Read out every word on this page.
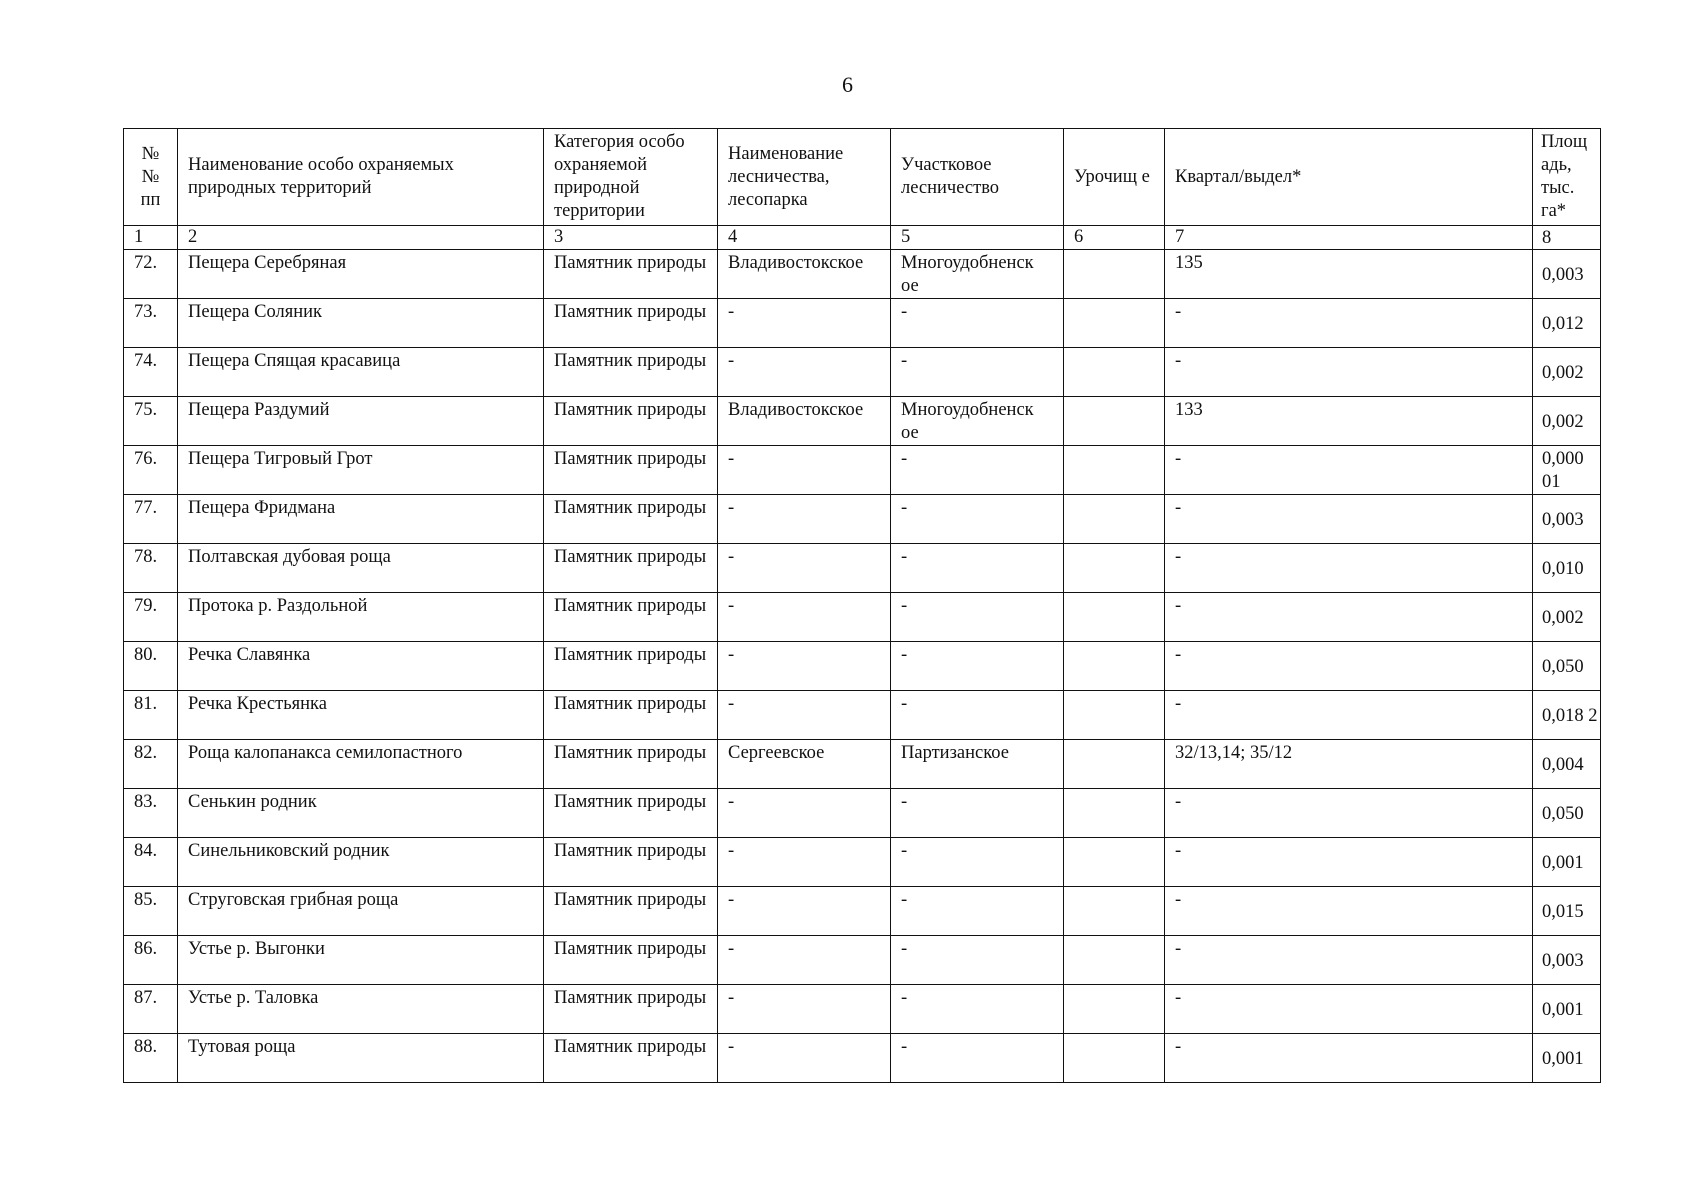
6
№
№
пп	Наименование особо охраняемых природных территорий	Категория особо охраняемой природной территории	Наименование лесничества, лесопарка	Участковое лесничество	Урочищ е	Квартал/выдел*	Площ адь, тыс. га*
1	2	3	4	5	6	7	8
72.	Пещера Серебряная	Памятник природы	Владивостокское	Многоудобненск ое		135	0,003
73.	Пещера Соляник	Памятник природы	-	-		-	0,012
74.	Пещера Спящая красавица	Памятник природы	-	-		-	0,002
75.	Пещера Раздумий	Памятник природы	Владивостокское	Многоудобненск ое		133	0,002
76.	Пещера Тигровый Грот	Памятник природы	-	-		-	0,000 01
77.	Пещера Фридмана	Памятник природы	-	-		-	0,003
78.	Полтавская дубовая роща	Памятник природы	-	-		-	0,010
79.	Протока р. Раздольной	Памятник природы	-	-		-	0,002
80.	Речка Славянка	Памятник природы	-	-		-	0,050
81.	Речка Крестьянка	Памятник природы	-	-		-	0,018 2
82.	Роща калопанакса семилопастного	Памятник природы	Сергеевское	Партизанское		32/13,14; 35/12	0,004
83.	Сенькин родник	Памятник природы	-	-		-	0,050
84.	Синельниковский родник	Памятник природы	-	-		-	0,001
85.	Струговская грибная роща	Памятник природы	-	-		-	0,015
86.	Устье р. Выгонки	Памятник природы	-	-		-	0,003
87.	Устье р. Таловка	Памятник природы	-	-		-	0,001
88.	Тутовая роща	Памятник природы	-	-		-	0,001
